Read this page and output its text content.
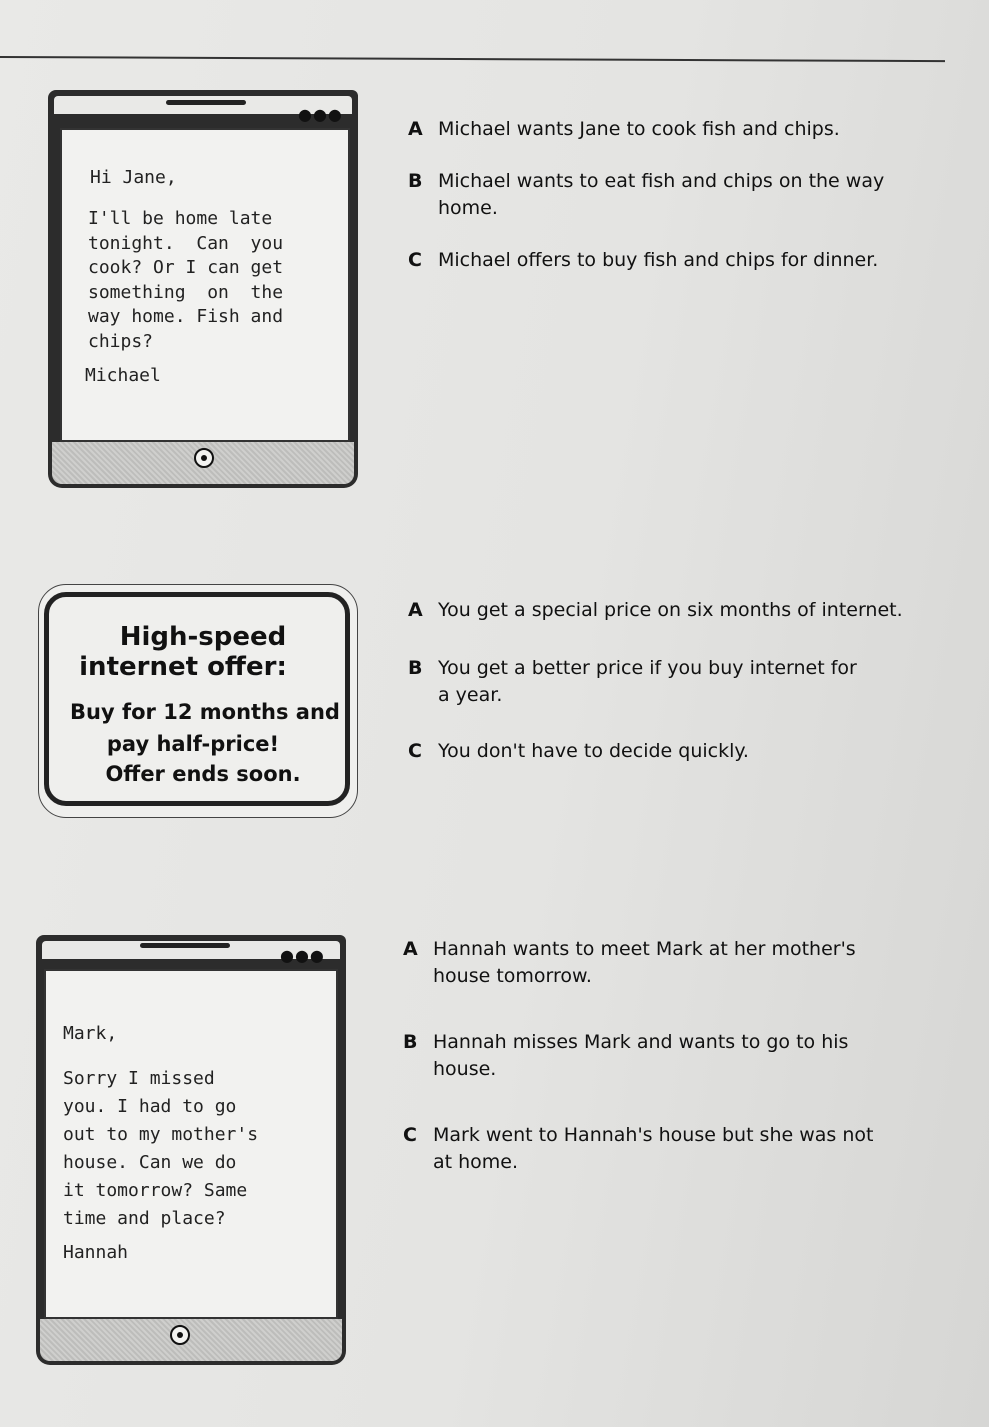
●●●
Hi Jane,
I'll be home late
tonight.  Can  you
cook? Or I can get
something  on  the
way home. Fish and
chips?
Michael
A Michael wants Jane to cook fish and chips.
B Michael wants to eat fish and chips on the way
home.
C Michael offers to buy fish and chips for dinner.
High-speed
internet offer:
Buy for 12 months and
pay half-price!
Offer ends soon.
A You get a special price on six months of internet.
B You get a better price if you buy internet for
a year.
C You don't have to decide quickly.
●●●
Mark,
Sorry I missed
you. I had to go
out to my mother's
house. Can we do
it tomorrow? Same
time and place?
Hannah
A Hannah wants to meet Mark at her mother's
house tomorrow.
B Hannah misses Mark and wants to go to his
house.
C Mark went to Hannah's house but she was not
at home.
